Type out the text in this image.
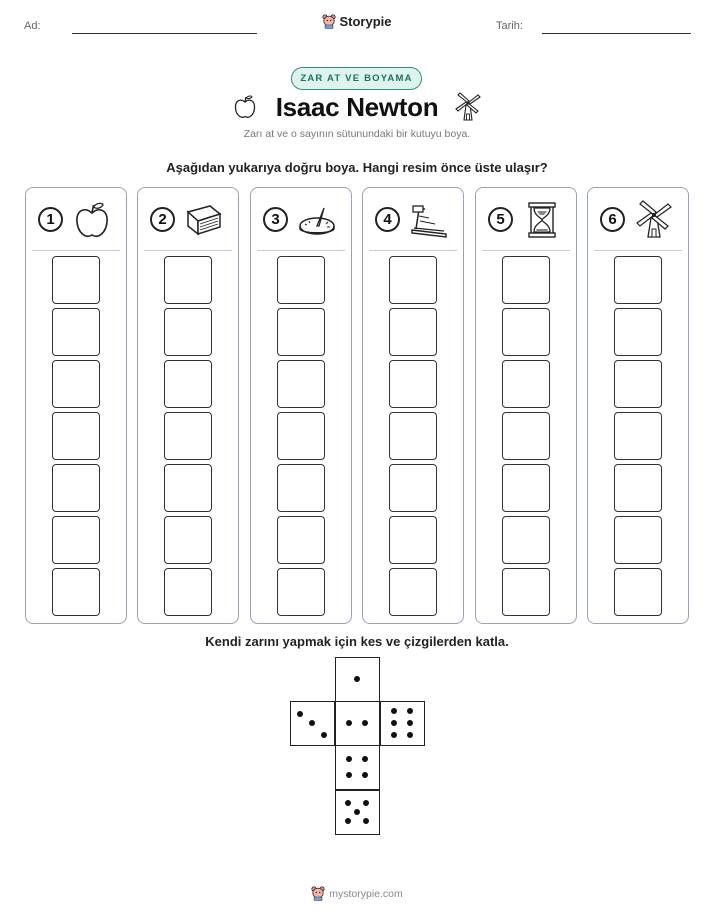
Ad:	Storypie	Tarih:
ZAR AT VE BOYAMA
Isaac Newton
Zarı at ve o sayının sütunundaki bir kutuyu boya.
Aşağıdan yukarıya doğru boya. Hangi resim önce üste ulaşır?
1	2	3	4	5	6
Kendi zarını yapmak için kes ve çizgilerden katla.
mystorypie.com
